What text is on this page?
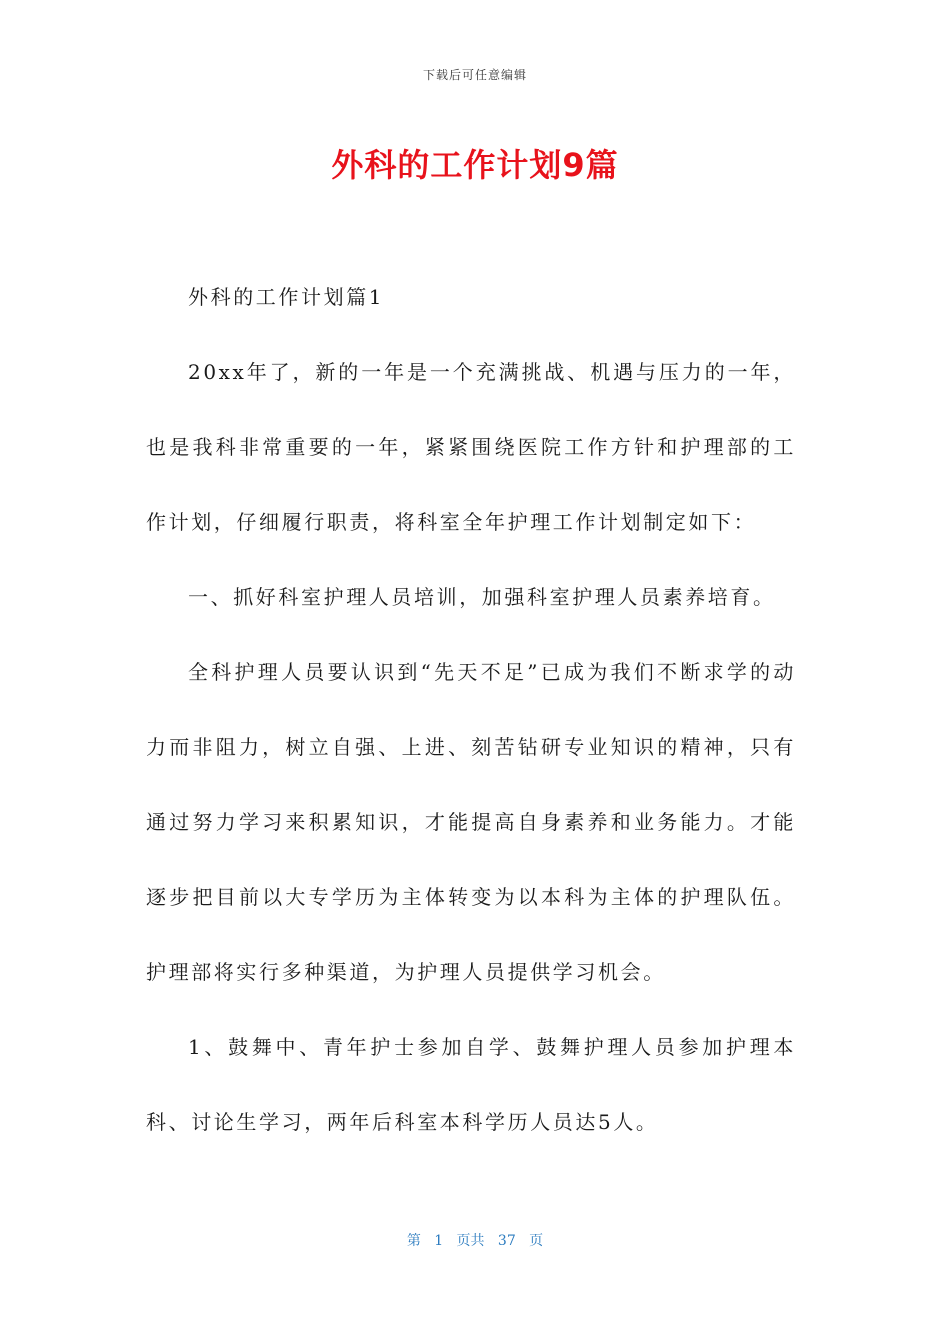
下载后可任意编辑
外科的工作计划9篇

外科的工作计划篇1

20xx年了，新的一年是一个充满挑战、机遇与压力的一年，也是我科非常重要的一年，紧紧围绕医院工作方针和护理部的工作计划，仔细履行职责，将科室全年护理工作计划制定如下：

一、抓好科室护理人员培训，加强科室护理人员素养培育。

全科护理人员要认识到“先天不足”已成为我们不断求学的动力而非阻力，树立自强、上进、刻苦钻研专业知识的精神，只有通过努力学习来积累知识，才能提高自身素养和业务能力。才能逐步把目前以大专学历为主体转变为以本科为主体的护理队伍。护理部将实行多种渠道，为护理人员提供学习机会。

1、鼓舞中、青年护士参加自学、鼓舞护理人员参加护理本科、讨论生学习，两年后科室本科学历人员达5人。

第 1 页共 37 页
